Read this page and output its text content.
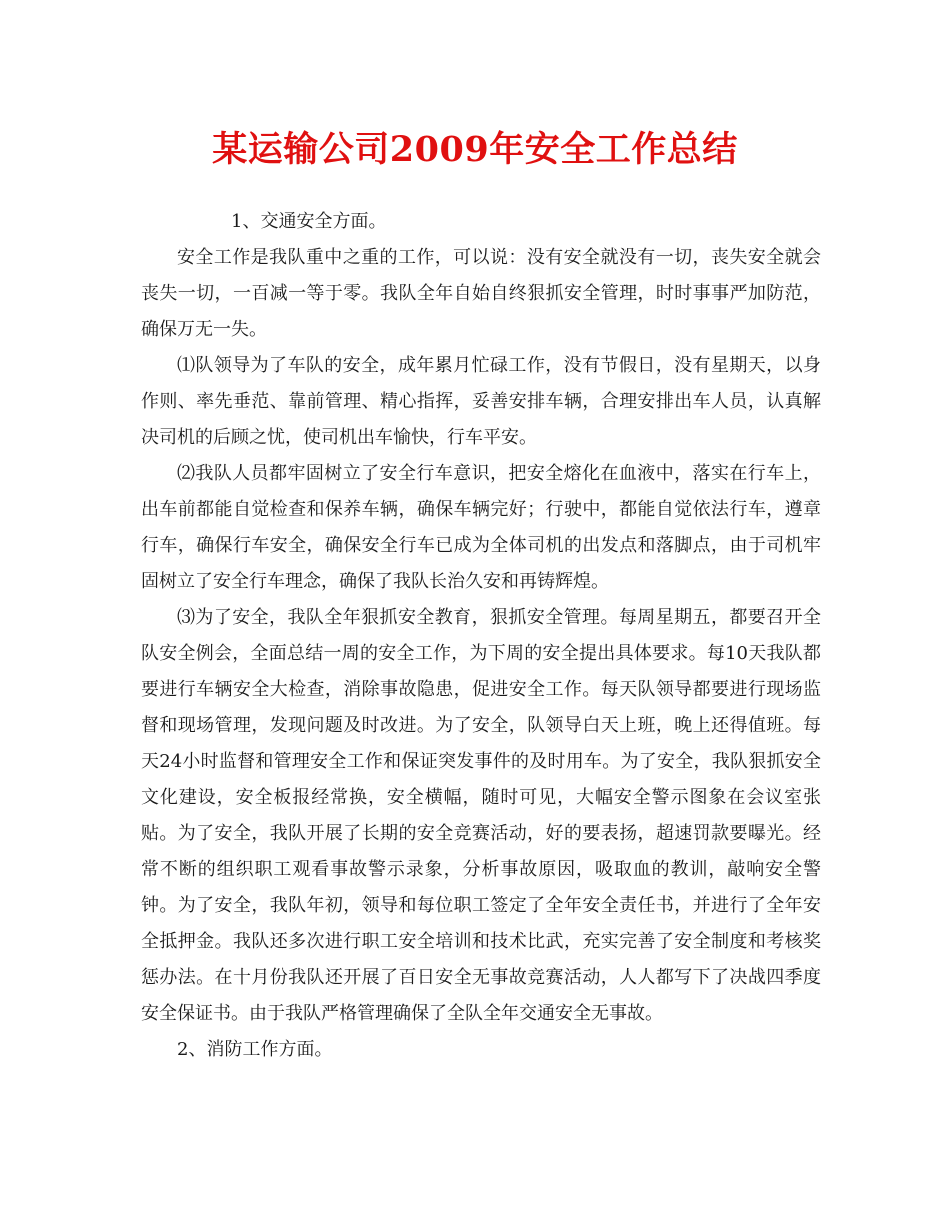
某运输公司2009年安全工作总结

1、交通安全方面。

安全工作是我队重中之重的工作，可以说：没有安全就没有一切，丧失安全就会丧失一切，一百减一等于零。我队全年自始自终狠抓安全管理，时时事事严加防范，确保万无一失。

⑴队领导为了车队的安全，成年累月忙碌工作，没有节假日，没有星期天，以身作则、率先垂范、靠前管理、精心指挥，妥善安排车辆，合理安排出车人员，认真解决司机的后顾之忧，使司机出车愉快，行车平安。

⑵我队人员都牢固树立了安全行车意识，把安全熔化在血液中，落实在行车上，出车前都能自觉检查和保养车辆，确保车辆完好；行驶中，都能自觉依法行车，遵章行车，确保行车安全，确保安全行车已成为全体司机的出发点和落脚点，由于司机牢固树立了安全行车理念，确保了我队长治久安和再铸辉煌。

⑶为了安全，我队全年狠抓安全教育，狠抓安全管理。每周星期五，都要召开全队安全例会，全面总结一周的安全工作，为下周的安全提出具体要求。每10天我队都要进行车辆安全大检查，消除事故隐患，促进安全工作。每天队领导都要进行现场监督和现场管理，发现问题及时改进。为了安全，队领导白天上班，晚上还得值班。每天24小时监督和管理安全工作和保证突发事件的及时用车。为了安全，我队狠抓安全文化建设，安全板报经常换，安全横幅，随时可见，大幅安全警示图象在会议室张贴。为了安全，我队开展了长期的安全竞赛活动，好的要表扬，超速罚款要曝光。经常不断的组织职工观看事故警示录象，分析事故原因，吸取血的教训，敲响安全警钟。为了安全，我队年初，领导和每位职工签定了全年安全责任书，并进行了全年安全抵押金。我队还多次进行职工安全培训和技术比武，充实完善了安全制度和考核奖惩办法。在十月份我队还开展了百日安全无事故竞赛活动，人人都写下了决战四季度安全保证书。由于我队严格管理确保了全队全年交通安全无事故。

2、消防工作方面。
